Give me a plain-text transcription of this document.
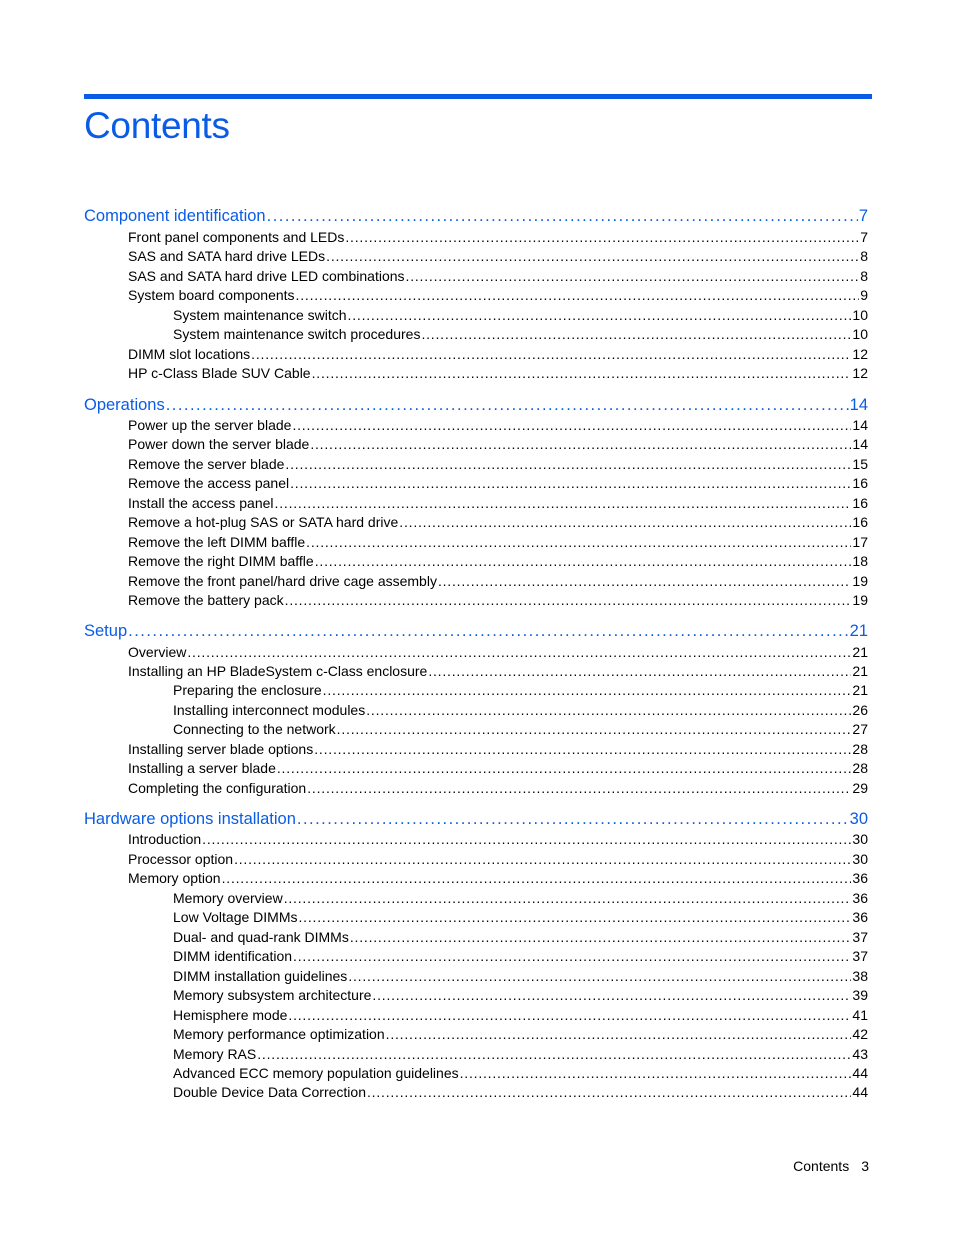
Contents
Component identification . . .	7
Front panel components and LEDs . . .	7
SAS and SATA hard drive LEDs . . .	8
SAS and SATA hard drive LED combinations . . .	8
System board components . . .	9
System maintenance switch . . .	10
System maintenance switch procedures . . .	10
DIMM slot locations . . .	12
HP c-Class Blade SUV Cable . . .	12
Operations . . .	14
Power up the server blade . . .	14
Power down the server blade . . .	14
Remove the server blade . . .	15
Remove the access panel . . .	16
Install the access panel . . .	16
Remove a hot-plug SAS or SATA hard drive . . .	16
Remove the left DIMM baffle . . .	17
Remove the right DIMM baffle . . .	18
Remove the front panel/hard drive cage assembly . . .	19
Remove the battery pack . . .	19
Setup . . .	21
Overview . . .	21
Installing an HP BladeSystem c-Class enclosure . . .	21
Preparing the enclosure . . .	21
Installing interconnect modules . . .	26
Connecting to the network . . .	27
Installing server blade options . . .	28
Installing a server blade . . .	28
Completing the configuration . . .	29
Hardware options installation . . .	30
Introduction . . .	30
Processor option . . .	30
Memory option . . .	36
Memory overview . . .	36
Low Voltage DIMMs . . .	36
Dual- and quad-rank DIMMs . . .	37
DIMM identification . . .	37
DIMM installation guidelines . . .	38
Memory subsystem architecture . . .	39
Hemisphere mode . . .	41
Memory performance optimization . . .	42
Memory RAS . . .	43
Advanced ECC memory population guidelines . . .	44
Double Device Data Correction . . .	44
Contents 3
